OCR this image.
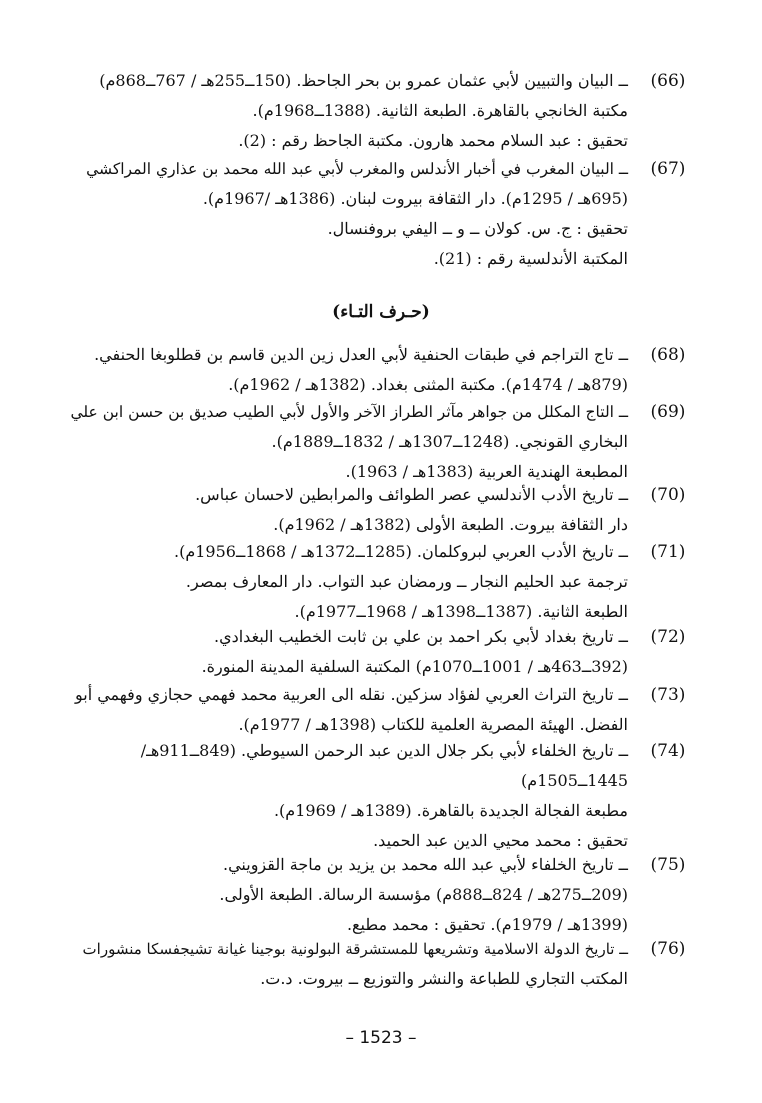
(66)
ــ البيان والتبيين لأبي عثمان عمرو بن بحر الجاحظ. (150ــ255هـ / 767ــ868م)
مكتبة الخانجي بالقاهرة. الطبعة الثانية. (1388ــ1968م).
تحقيق : عبد السلام محمد هارون. مكتبة الجاحظ رقم : (2).
(67)
ــ البيان المغرب في أخبار الأندلس والمغرب لأبي عبد الله محمد بن عذاري المراكشي
(695هـ / 1295م). دار الثقافة بيروت لبنان. (1386هـ /1967م).
تحقيق : ج. س. كولان ــ و ــ اليفي بروفنسال.
المكتبة الأندلسية رقم : (21).
(حـرف التـاء)
(68)
ــ تاج التراجم في طبقات الحنفية لأبي العدل زين الدين قاسم بن قطلوبغا الحنفي.
(879هـ / 1474م). مكتبة المثنى بغداد. (1382هـ / 1962م).
(69)
ــ التاج المكلل من جواهر مآثر الطراز الآخر والأول لأبي الطيب صديق بن حسن ابن علي
البخاري القونجي. (1248ــ1307هـ / 1832ــ1889م).
المطبعة الهندية العربية (1383هـ / 1963).
(70)
ــ تاريخ الأدب الأندلسي عصر الطوائف والمرابطين لاحسان عباس.
دار الثقافة بيروت. الطبعة الأولى (1382هـ / 1962م).
(71)
ــ تاريخ الأدب العربي لبروكلمان. (1285ــ1372هـ / 1868ــ1956م).
ترجمة عبد الحليم النجار ــ ورمضان عبد التواب. دار المعارف بمصر.
الطبعة الثانية. (1387ــ1398هـ / 1968ــ1977م).
(72)
ــ تاريخ بغداد لأبي بكر احمد بن علي بن ثابت الخطيب البغدادي.
(392ــ463هـ / 1001ــ1070م) المكتبة السلفية المدينة المنورة.
(73)
ــ تاريخ التراث العربي لفؤاد سزكين. نقله الى العربية محمد فهمي حجازي وفهمي أبو
الفضل. الهيئة المصرية العلمية للكتاب (1398هـ / 1977م).
(74)
ــ تاريخ الخلفاء لأبي بكر جلال الدين عبد الرحمن السيوطي. (849ــ911هـ/
1445ــ1505م)
مطبعة الفجالة الجديدة بالقاهرة. (1389هـ / 1969م).
تحقيق : محمد محيي الدين عبد الحميد.
(75)
ــ تاريخ الخلفاء لأبي عبد الله محمد بن يزيد بن ماجة القزويني.
(209ــ275هـ / 824ــ888م) مؤسسة الرسالة. الطبعة الأولى.
(1399هـ / 1979م). تحقيق : محمد مطيع.
(76)
ــ تاريخ الدولة الاسلامية وتشريعها للمستشرقة البولونية بوجينا غيانة تشيجفسكا منشورات
المكتب التجاري للطباعة والنشر والتوزيع ــ بيروت. د.ت.
– 1523 –
